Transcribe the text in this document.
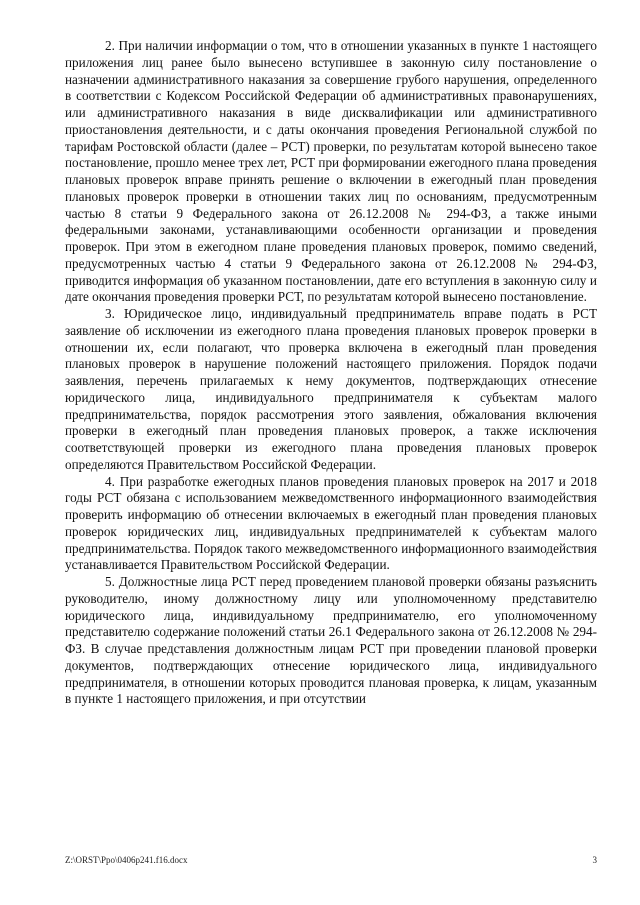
2. При наличии информации о том, что в отношении указанных в пункте 1 настоящего приложения лиц ранее было вынесено вступившее в законную силу постановление о назначении административного наказания за совершение грубого нарушения, определенного в соответствии с Кодексом Российской Федерации об административных правонарушениях, или административного наказания в виде дисквалификации или административного приостановления деятельности, и с даты окончания проведения Региональной службой по тарифам Ростовской области (далее – РСТ) проверки, по результатам которой вынесено такое постановление, прошло менее трех лет, РСТ при формировании ежегодного плана проведения плановых проверок вправе принять решение о включении в ежегодный план проведения плановых проверок проверки в отношении таких лиц по основаниям, предусмотренным частью 8 статьи 9 Федерального закона от 26.12.2008 № 294-ФЗ, а также иными федеральными законами, устанавливающими особенности организации и проведения проверок. При этом в ежегодном плане проведения плановых проверок, помимо сведений, предусмотренных частью 4 статьи 9 Федерального закона от 26.12.2008 № 294-ФЗ, приводится информация об указанном постановлении, дате его вступления в законную силу и дате окончания проведения проверки РСТ, по результатам которой вынесено постановление.

3. Юридическое лицо, индивидуальный предприниматель вправе подать в РСТ заявление об исключении из ежегодного плана проведения плановых проверок проверки в отношении их, если полагают, что проверка включена в ежегодный план проведения плановых проверок в нарушение положений настоящего приложения. Порядок подачи заявления, перечень прилагаемых к нему документов, подтверждающих отнесение юридического лица, индивидуального предпринимателя к субъектам малого предпринимательства, порядок рассмотрения этого заявления, обжалования включения проверки в ежегодный план проведения плановых проверок, а также исключения соответствующей проверки из ежегодного плана проведения плановых проверок определяются Правительством Российской Федерации.

4. При разработке ежегодных планов проведения плановых проверок на 2017 и 2018 годы РСТ обязана с использованием межведомственного информационного взаимодействия проверить информацию об отнесении включаемых в ежегодный план проведения плановых проверок юридических лиц, индивидуальных предпринимателей к субъектам малого предпринимательства. Порядок такого межведомственного информационного взаимодействия устанавливается Правительством Российской Федерации.

5. Должностные лица РСТ перед проведением плановой проверки обязаны разъяснить руководителю, иному должностному лицу или уполномоченному представителю юридического лица, индивидуальному предпринимателю, его уполномоченному представителю содержание положений статьи 26.1 Федерального закона от 26.12.2008 № 294-ФЗ. В случае представления должностным лицам РСТ при проведении плановой проверки документов, подтверждающих отнесение юридического лица, индивидуального предпринимателя, в отношении которых проводится плановая проверка, к лицам, указанным в пункте 1 настоящего приложения, и при отсутствии

Z:\ORST\Ppo\0406p241.f16.docx	3
